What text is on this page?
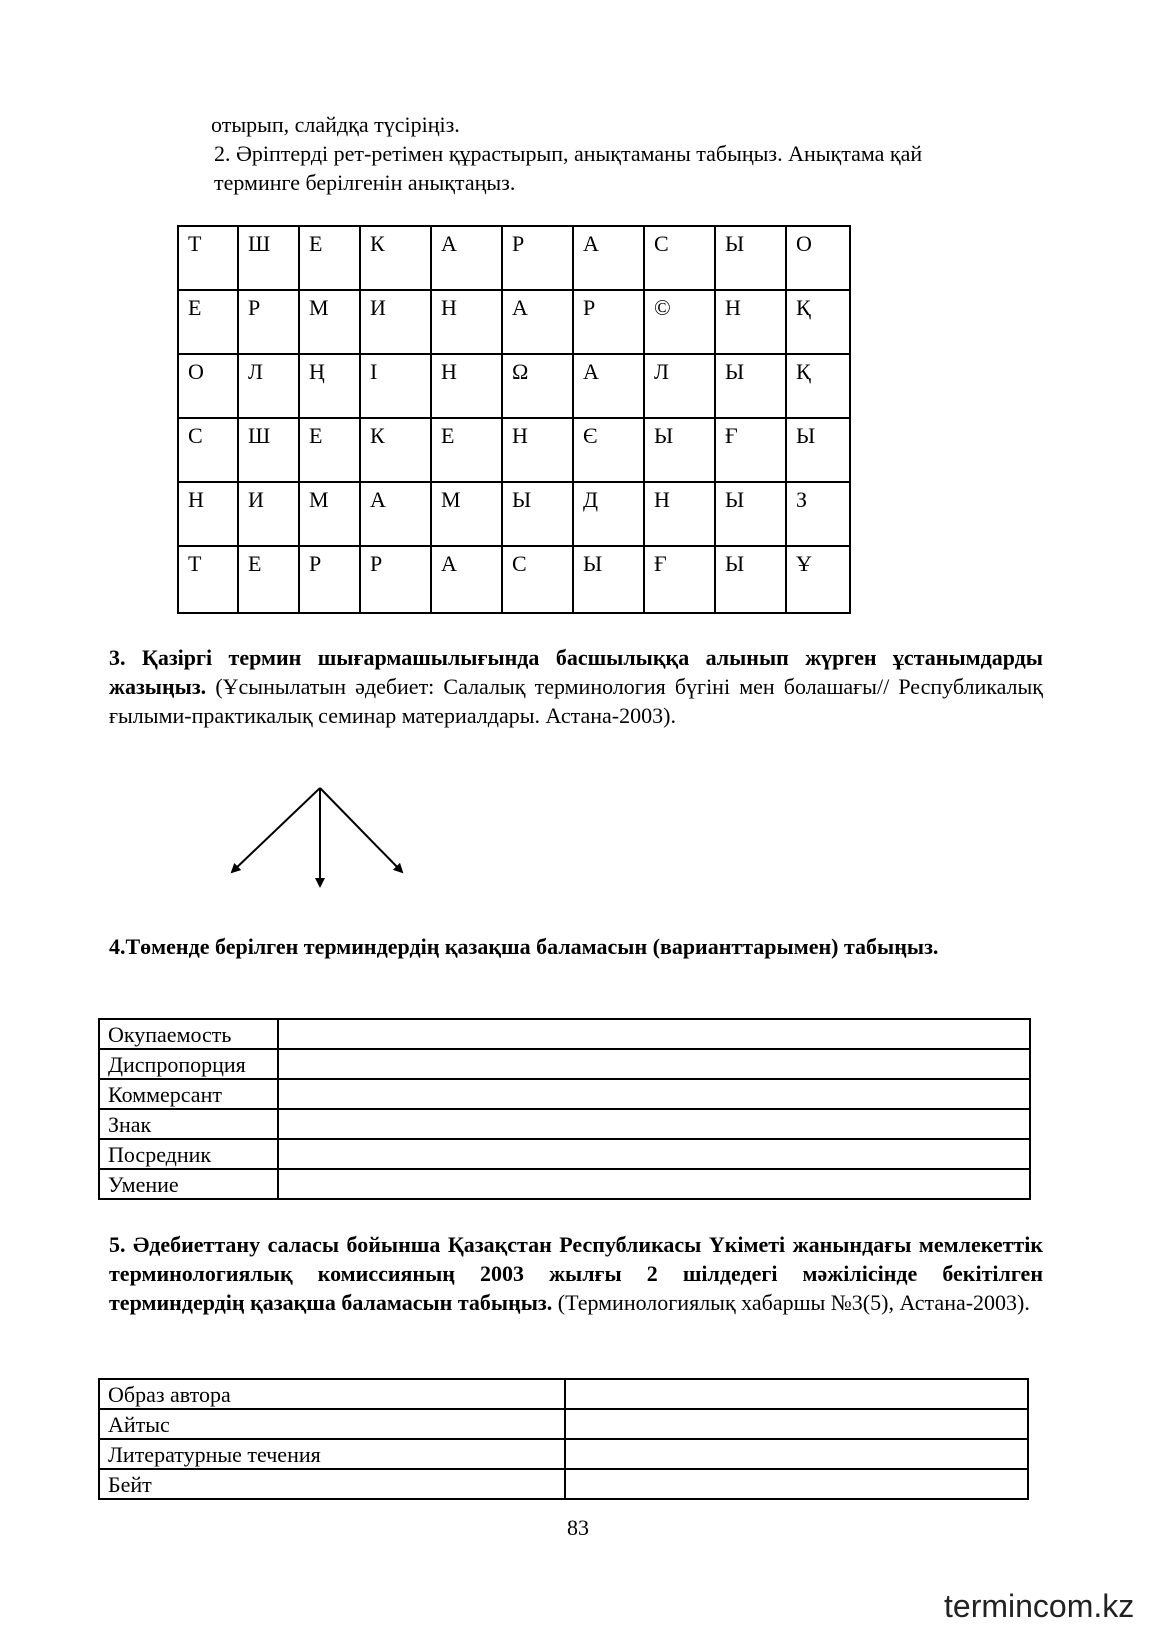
отырып, слайдқа түсіріңіз.

2. Әріптерді рет-ретімен құрастырып, анықтаманы табыңыз. Анықтама қай

терминге берілгенін анықтаңыз.

Т	Ш	Е	К	А	Р	А	С	Ы	О
Е	Р	М	И	Н	А	Р	©	Н	Қ
О	Л	Ң	І	Н	Ω	А	Л	Ы	Қ
С	Ш	Е	К	Е	Н	Є	Ы	Ғ	Ы
Н	И	М	А	М	Ы	Д	Н	Ы	З
Т	Е	Р	Р	А	С	Ы	Ғ	Ы	Ұ
3. Қазіргі термин шығармашылығында басшылыққа алынып жүрген ұстанымдарды жазыңыз. (Ұсынылатын әдебиет: Салалық терминология бүгіні мен болашағы// Республикалық ғылыми-практикалық семинар материалдары. Астана-2003).
4.Төменде берілген терминдердің қазақша баламасын (варианттарымен) табыңыз.
Окупаемость	
Диспропорция	
Коммерсант	
Знак	
Посредник	
Умение	
5. Әдебиеттану саласы бойынша Қазақстан Республикасы Үкіметі жанындағы мемлекеттік терминологиялық комиссияның 2003 жылғы 2 шілдедегі мәжілісінде бекітілген терминдердің қазақша баламасын табыңыз. (Терминологиялық хабаршы №3(5), Астана-2003).
Образ автора	
Айтыс	
Литературные течения	
Бейт	
83
termincom.kz
